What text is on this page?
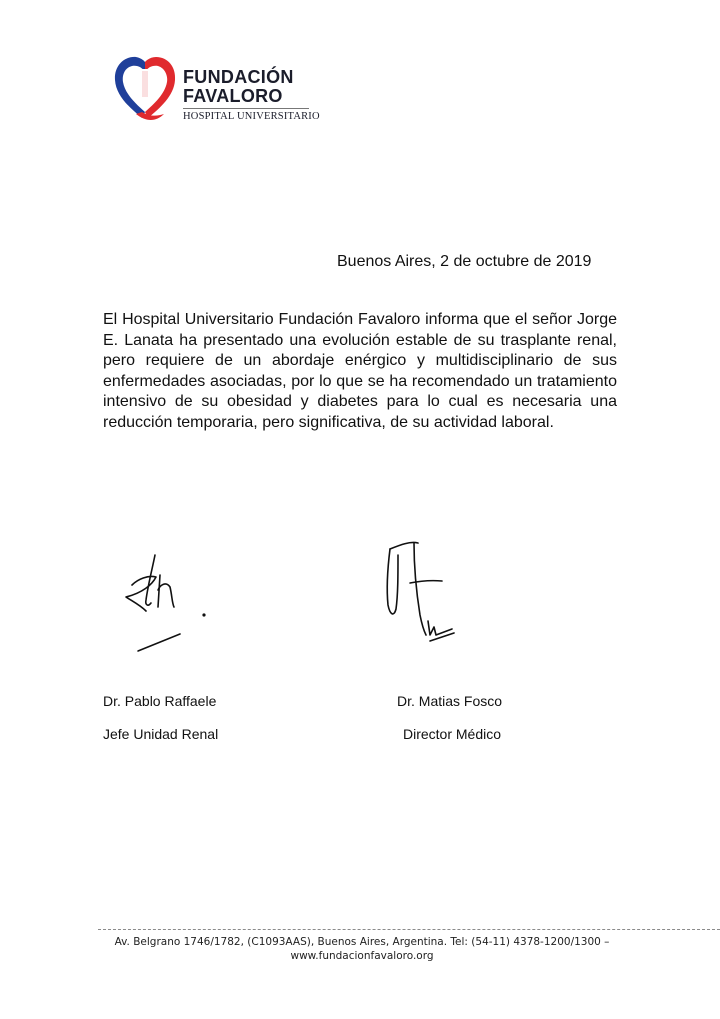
FUNDACIÓN
FAVALORO
HOSPITAL UNIVERSITARIO
Buenos Aires, 2 de octubre de 2019

El Hospital Universitario Fundación Favaloro informa que el señor Jorge E. Lanata ha presentado una evolución estable de su trasplante renal, pero requiere de un abordaje enérgico y multidisciplinario de sus enfermedades asociadas, por lo que se ha recomendado un tratamiento intensivo de su obesidad y diabetes para lo cual es necesaria una reducción temporaria, pero significativa, de su actividad laboral.

Dr. Pablo Raffaele
Jefe Unidad Renal
Dr. Matias Fosco
Director Médico
Av. Belgrano 1746/1782, (C1093AAS), Buenos Aires, Argentina. Tel: (54-11) 4378-1200/1300 –
www.fundacionfavaloro.org
